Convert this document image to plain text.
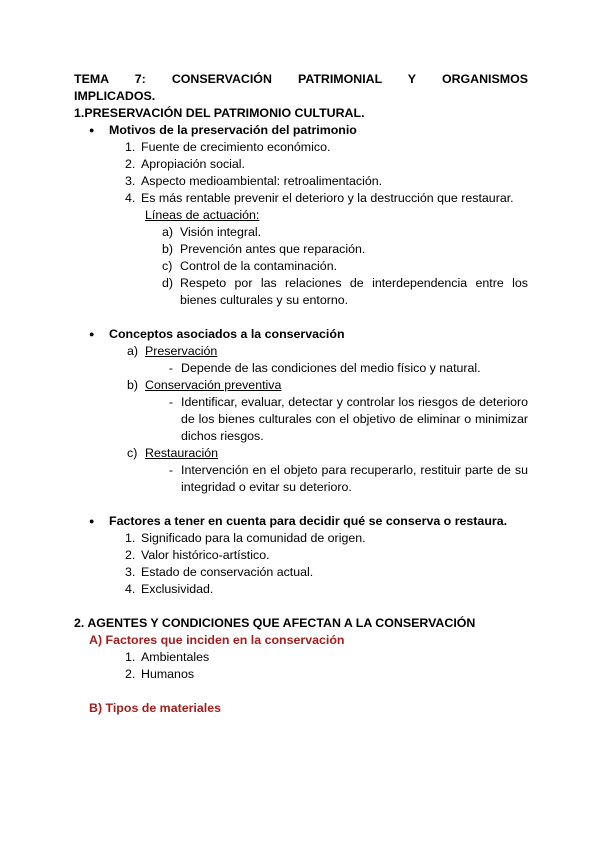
TEMA 7: CONSERVACIÓN PATRIMONIAL Y ORGANISMOS
IMPLICADOS.
1.PRESERVACIÓN DEL PATRIMONIO CULTURAL.
●	Motivos de la preservación del patrimonio
1. Fuente de crecimiento económico.
2. Apropiación social.
3. Aspecto medioambiental: retroalimentación.
4. Es más rentable prevenir el deterioro y la destrucción que restaurar.
Líneas de actuación:
a) Visión integral.
b) Prevención antes que reparación.
c) Control de la contaminación.
d) Respeto por las relaciones de interdependencia entre los bienes culturales y su entorno.
●	Conceptos asociados a la conservación
a) Preservación
- Depende de las condiciones del medio físico y natural.
b) Conservación preventiva
- Identificar, evaluar, detectar y controlar los riesgos de deterioro de los bienes culturales con el objetivo de eliminar o minimizar dichos riesgos.
c) Restauración
- Intervención en el objeto para recuperarlo, restituir parte de su integridad o evitar su deterioro.
●	Factores a tener en cuenta para decidir qué se conserva o restaura.
1. Significado para la comunidad de origen.
2. Valor histórico-artístico.
3. Estado de conservación actual.
4. Exclusividad.
2. AGENTES Y CONDICIONES QUE AFECTAN A LA CONSERVACIÓN
A) Factores que inciden en la conservación
1. Ambientales
2. Humanos
B) Tipos de materiales
